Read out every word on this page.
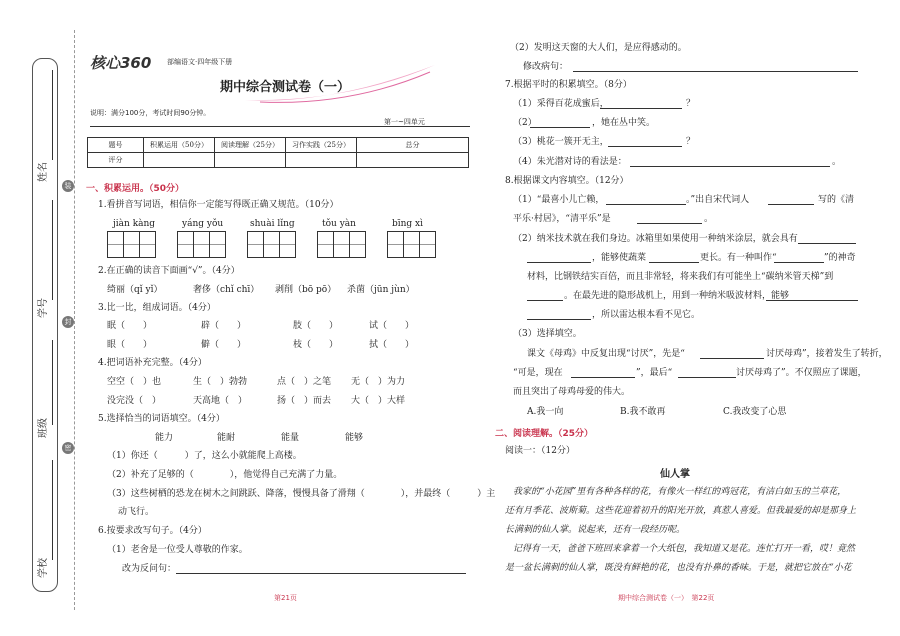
姓名
学号
班级
学校
装
封
密
核心360 部编语文·四年级下册
期中综合测试卷（一）
说明：满分100分，考试时间90分钟。
第一~四单元
题号	积累运用（50分）	阅读理解（25分）	习作实践（25分）	总分
评分				
一、积累运用。（50分）
1.看拼音写词语，相信你一定能写得既正确又规范。（10分）
jiàn kàng	yáng yǒu	shuài lǐng	tǒu yàn	bīng xì
2.在正确的读音下面画“√”。（4分）
绮丽（qǐ yǐ）	奢侈（chǐ chī） 剥削（bō pō） 杀菌（jūn jùn）
3.比一比，组成词语。（4分）
眠（　　）	辟（　　）	肢（　　）	试（　　）
眼（　　）	僻（　　）	枝（　　）	拭（　　）
4.把词语补充完整。（4分）
空空（　）也	生（　）勃勃	点（　）之笔 无（　）为力
没完没（　）	天高地（　）	扬（　）而去 大（　）大样
5.选择恰当的词语填空。（4分）
能力	能耐	能量	能够
（1）你还（　　　）了，这么小就能爬上高楼。
（2）补充了足够的（　　　　），他觉得自己充满了力量。
（3）这些树栖的恐龙在树木之间跳跃、降落，慢慢具备了滑翔（　　　　），并最终（　　　）主
动飞行。
6.按要求改写句子。（4分）
（1）老舍是一位受人尊敬的作家。
改为反问句：
第21页
（2）发明这天窗的大人们，是应得感动的。
修改病句：
7.根据平时的积累填空。（8分）
（1）采得百花成蜜后，	？
（2）	，她在丛中笑。
（3）桃花一簇开无主，	？
（4）朱光潜对诗的看法是：	。
8.根据课文内容填空。（12分）
（1）“最喜小儿亡赖，	。”出自宋代词人	写的《清
平乐·村居》，“清平乐”是	。
（2）纳米技术就在我们身边。冰箱里如果使用一种纳米涂层，就会具有
，能够使蔬菜	更长。有一种叫作“	”的神奇
材料，比钢铁结实百倍，而且非常轻，将来我们有可能坐上“碳纳米管天梯”到
。在最先进的隐形战机上，用到一种纳米吸波材料，能够
，所以雷达根本看不见它。
（3）选择填空。
课文《母鸡》中反复出现“讨厌”，先是“	讨厌母鸡”，接着发生了转折，
“可是，现在	”，最后“	讨厌母鸡了”。不仅照应了课题，
而且突出了母鸡母爱的伟大。
A.我一向	B.我不敢再	C.我改变了心思
二、阅读理解。（25分）
阅读一：（12分）
仙人掌
我家的“小花园”里有各种各样的花，有像火一样红的鸡冠花，有洁白如玉的兰草花，
还有月季花、波斯菊。这些花迎着初升的阳光开放，真惹人喜爱。但我最爱的却是那身上
长满刺的仙人掌。说起来，还有一段经历呢。
记得有一天，爸爸下班回来拿着一个大纸包，我知道又是花。连忙打开一看，哎！竟然
是一盆长满刺的仙人掌，既没有鲜艳的花，也没有扑鼻的香味。于是，就把它放在“小花
期中综合测试卷（一）　第22页
